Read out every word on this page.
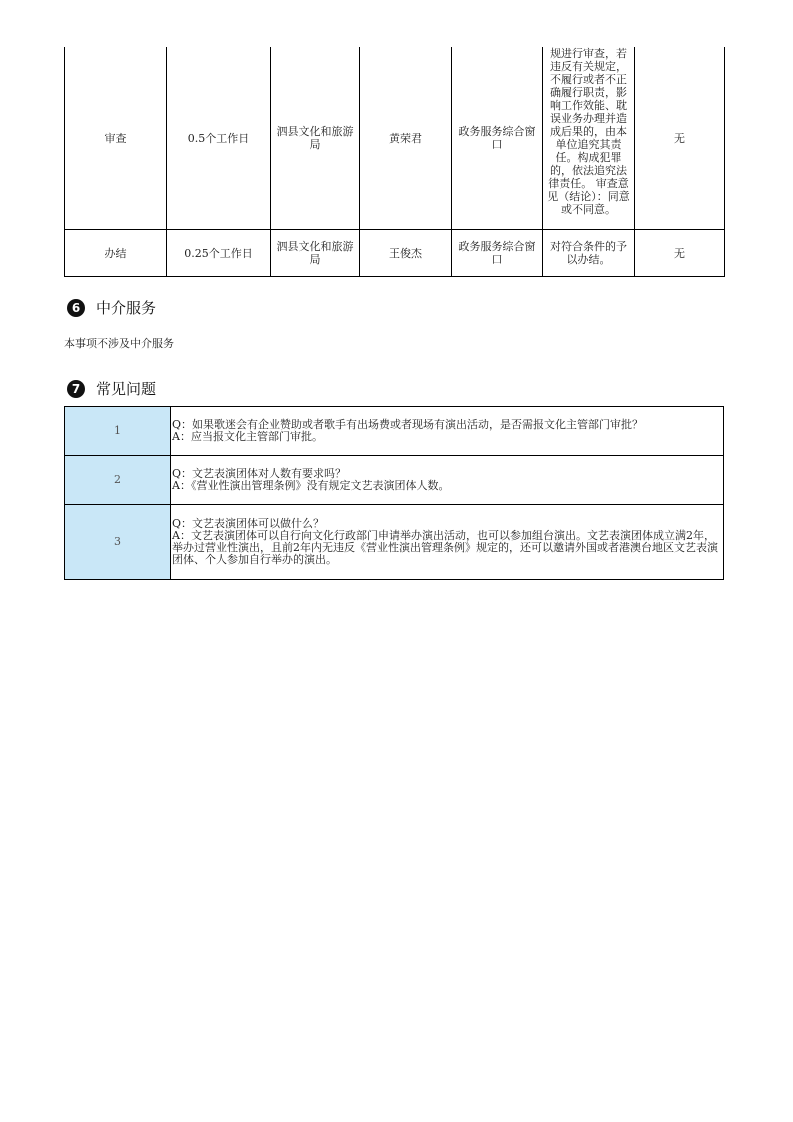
审查	0.5个工作日	泗县文化和旅游局	黄荣君	政务服务综合窗口	规进行审查，若违反有关规定，不履行或者不正确履行职责，影响工作效能、耽误业务办理并造成后果的，由本单位追究其责任。构成犯罪的，依法追究法律责任。 审查意见（结论）：同意或不同意。	无
办结	0.25个工作日	泗县文化和旅游局	王俊杰	政务服务综合窗口	对符合条件的予以办结。	无
6	中介服务
本事项不涉及中介服务
7	常见问题
1	Q：如果歌迷会有企业赞助或者歌手有出场费或者现场有演出活动，是否需报文化主管部门审批？
A：应当报文化主管部门审批。

2	Q：文艺表演团体对人数有要求吗？
A：《营业性演出管理条例》没有规定文艺表演团体人数。

3	Q：文艺表演团体可以做什么？
A：文艺表演团体可以自行向文化行政部门申请举办演出活动，也可以参加组台演出。文艺表演团体成立满2年，举办过营业性演出，且前2年内无违反《营业性演出管理条例》规定的，还可以邀请外国或者港澳台地区文艺表演团体、个人参加自行举办的演出。
